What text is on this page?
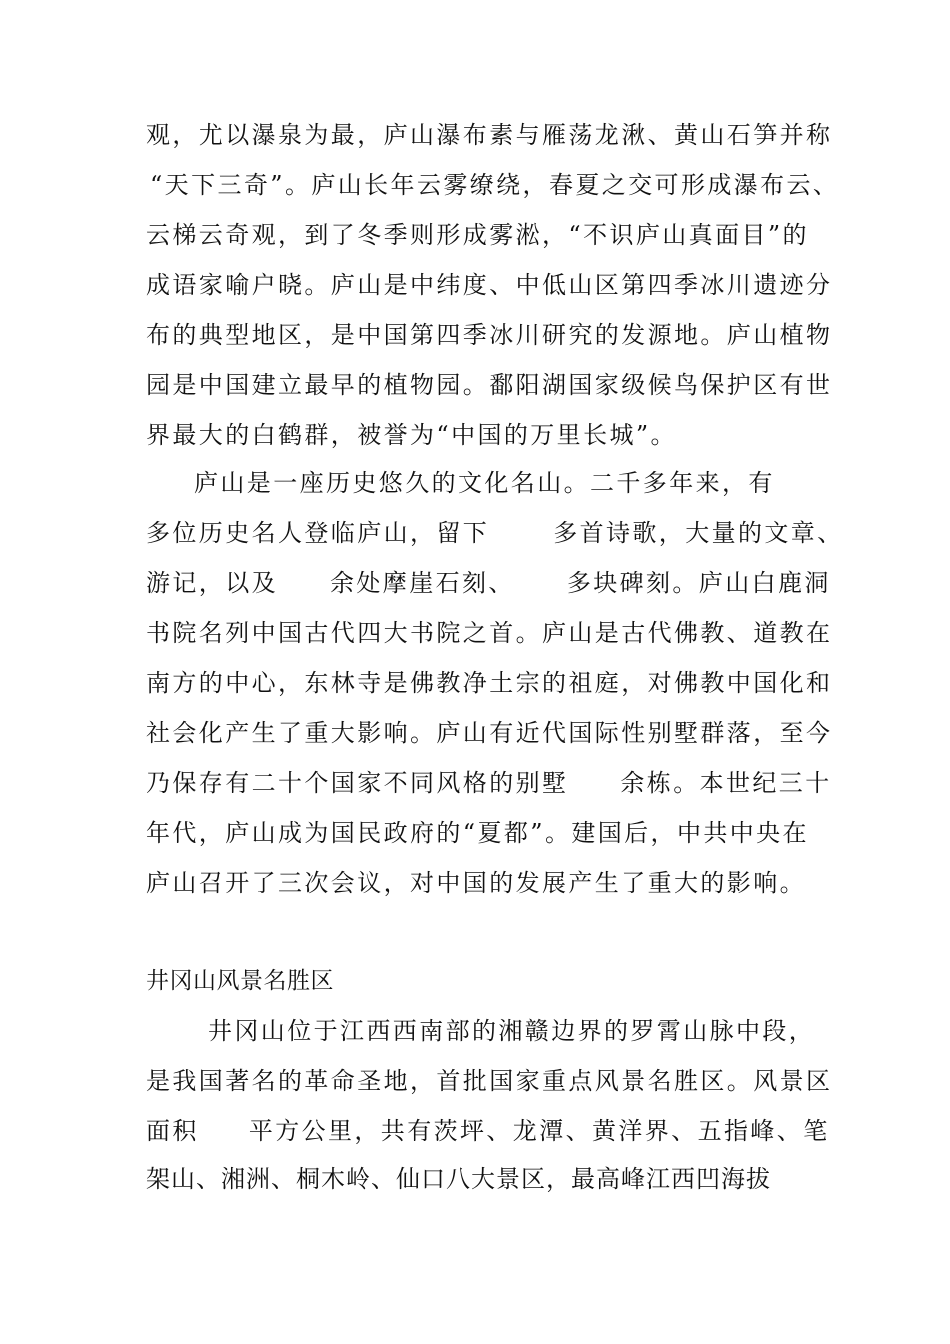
观，尤以瀑泉为最，庐山瀑布素与雁荡龙湫、黄山石笋并称
“天下三奇”。庐山长年云雾缭绕，春夏之交可形成瀑布云、
云梯云奇观，到了冬季则形成雾淞，“不识庐山真面目”的
成语家喻户晓。庐山是中纬度、中低山区第四季冰川遗迹分
布的典型地区，是中国第四季冰川研究的发源地。庐山植物
园是中国建立最早的植物园。鄱阳湖国家级候鸟保护区有世
界最大的白鹤群，被誉为“中国的万里长城”。
庐山是一座历史悠久的文化名山。二千多年来，有
多位历史名人登临庐山，留下	多首诗歌，大量的文章、
游记，以及 余处摩崖石刻、 多块碑刻。庐山白鹿洞
书院名列中国古代四大书院之首。庐山是古代佛教、道教在
南方的中心，东林寺是佛教净土宗的祖庭，对佛教中国化和
社会化产生了重大影响。庐山有近代国际性别墅群落，至今
乃保存有二十个国家不同风格的别墅 余栋。本世纪三十
年代，庐山成为国民政府的“夏都”。建国后，中共中央在
庐山召开了三次会议，对中国的发展产生了重大的影响。
井冈山风景名胜区
井冈山位于江西西南部的湘赣边界的罗霄山脉中段，
是我国著名的革命圣地，首批国家重点风景名胜区。风景区
面积 平方公里，共有茨坪、龙潭、黄洋界、五指峰、笔
架山、湘洲、桐木岭、仙口八大景区，最高峰江西凹海拔
